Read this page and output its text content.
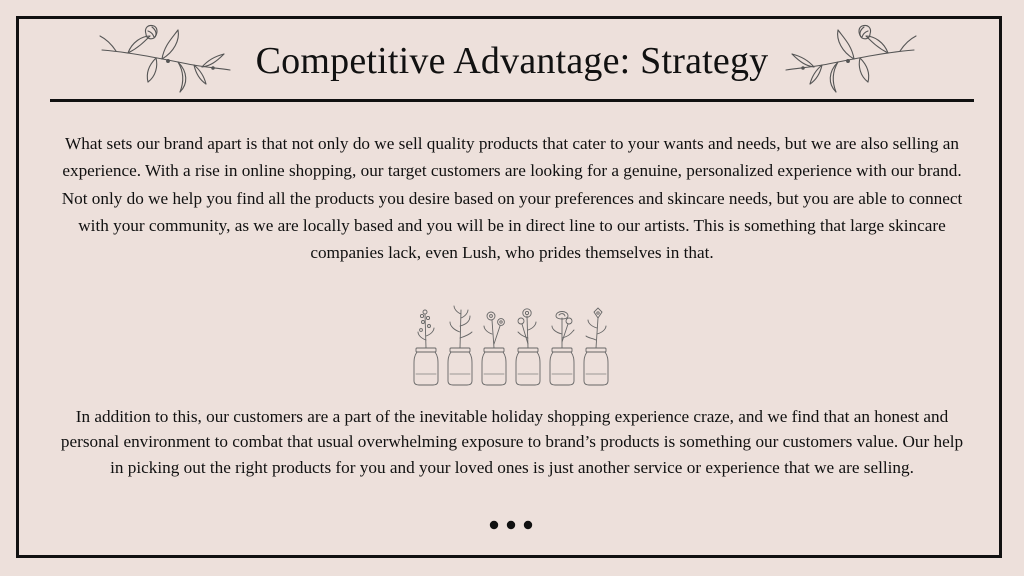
Competitive Advantage: Strategy

What sets our brand apart is that not only do we sell quality products that cater to your wants and needs, but we are also selling an experience. With a rise in online shopping, our target customers are looking for a genuine, personalized experience with our brand. Not only do we help you find all the products you desire based on your preferences and skincare needs, but you are able to connect with your community, as we are locally based and you will be in direct line to our artists. This is something that large skincare companies lack, even Lush, who prides themselves in that.

In addition to this, our customers are a part of the inevitable holiday shopping experience craze, and we find that an honest and personal environment to combat that usual overwhelming exposure to brand’s products is something our customers value. Our help in picking out the right products for you and your loved ones is just another service or experience that we are selling.
